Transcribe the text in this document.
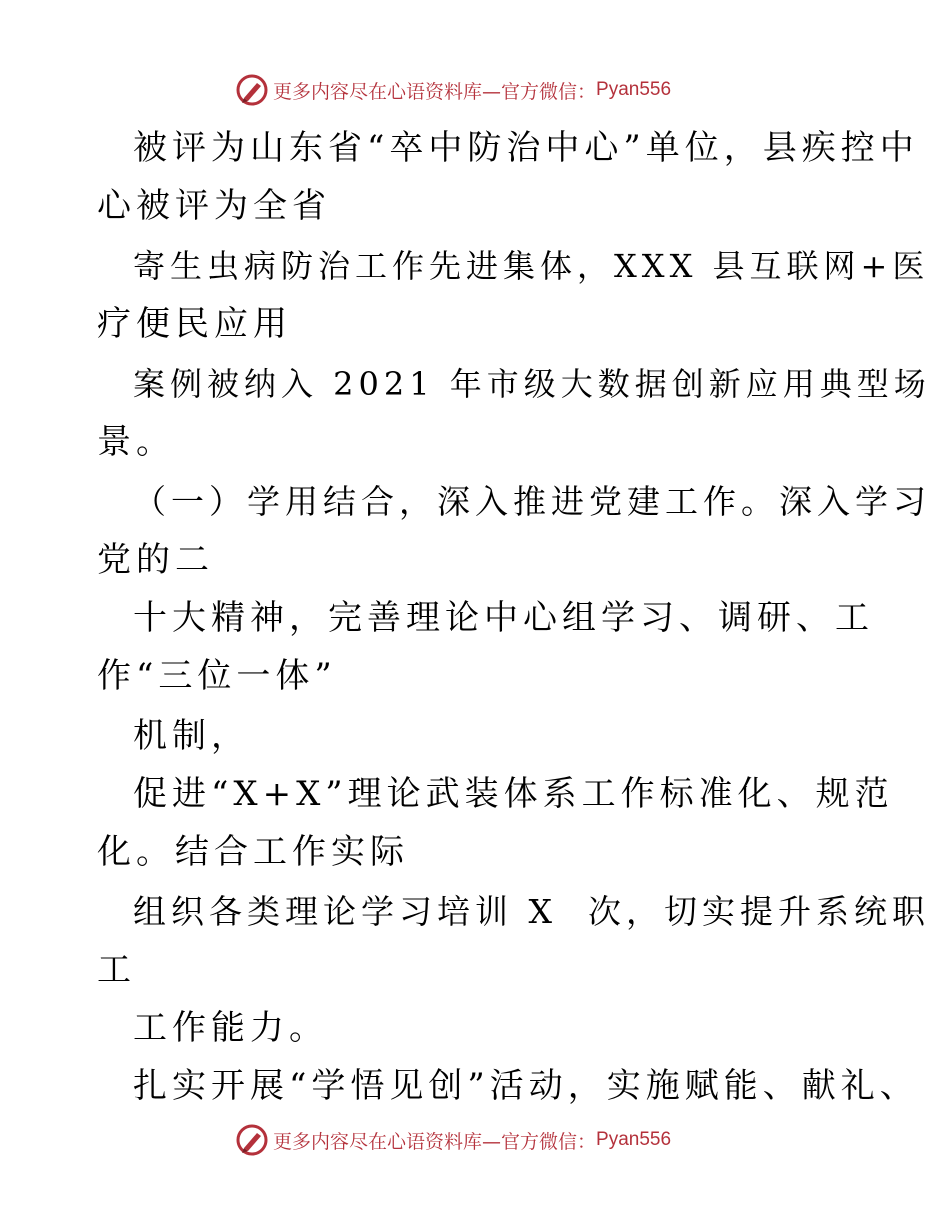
更多内容尽在心语资料库—官方微信： Pyan556
被评为山东省“卒中防治中心”单位，县疾控中
心被评为全省
寄生虫病防治工作先进集体，XXX 县互联网+医
疗便民应用
案例被纳入 2021 年市级大数据创新应用典型场
景。
（一）学用结合，深入推进党建工作。深入学习
党的二
十大精神，完善理论中心组学习、调研、工
作“三位一体”
机制，
促进“X+X”理论武装体系工作标准化、规范
化。结合工作实际
组织各类理论学习培训 X  次，切实提升系统职
工
工作能力。
扎实开展“学悟见创”活动，实施赋能、献礼、
更多内容尽在心语资料库—官方微信： Pyan556
